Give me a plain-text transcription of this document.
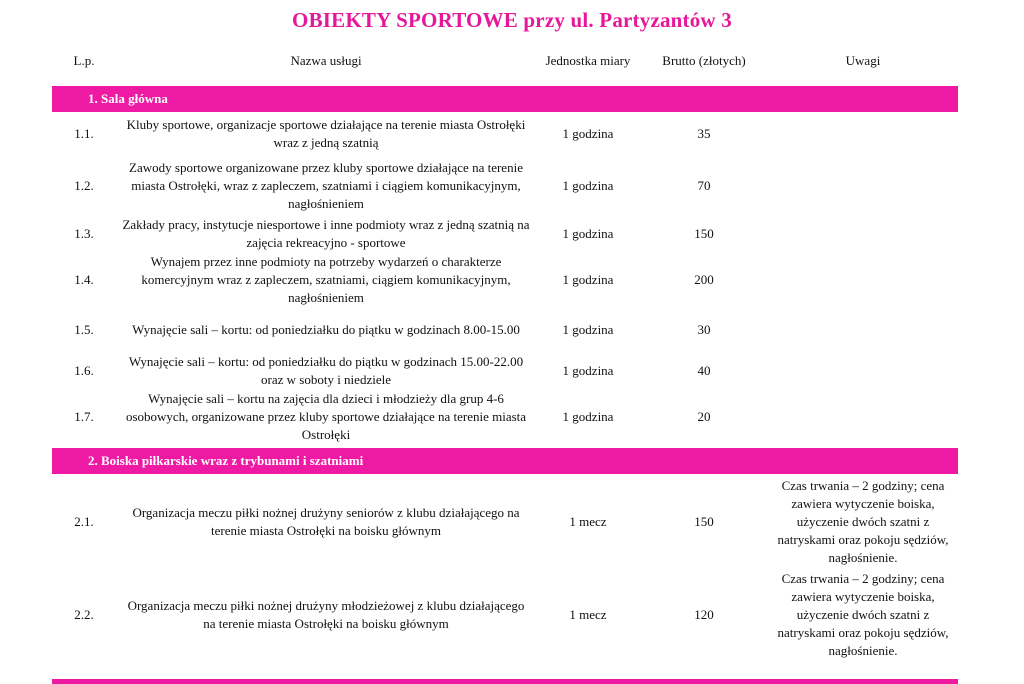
OBIEKTY SPORTOWE przy ul. Partyzantów 3
L.p.	Nazwa usługi	Jednostka miary	Brutto (złotych)	Uwagi

1. Sala główna				
1.1.	Kluby sportowe, organizacje sportowe działające na terenie miasta Ostrołęki wraz z jedną szatnią	1 godzina	35	
1.2.	Zawody sportowe organizowane przez kluby sportowe działające na terenie miasta Ostrołęki, wraz z zapleczem, szatniami i ciągiem komunikacyjnym, nagłośnieniem	1 godzina	70	
1.3.	Zakłady pracy, instytucje niesportowe i inne podmioty wraz z jedną szatnią na zajęcia rekreacyjno - sportowe	1 godzina	150	
1.4.	Wynajem przez inne podmioty na potrzeby wydarzeń o charakterze komercyjnym wraz z zapleczem, szatniami, ciągiem komunikacyjnym, nagłośnieniem	1 godzina	200	
1.5.	Wynajęcie sali – kortu: od poniedziałku do piątku w godzinach 8.00-15.00	1 godzina	30	
1.6.	Wynajęcie sali – kortu: od poniedziałku do piątku w godzinach 15.00-22.00 oraz w soboty i niedziele	1 godzina	40	
1.7.	Wynajęcie sali – kortu na zajęcia dla dzieci i młodzieży dla grup 4-6 osobowych, organizowane przez kluby sportowe działające na terenie miasta Ostrołęki	1 godzina	20	

2. Boiska piłkarskie wraz z trybunami i szatniami				
2.1.	Organizacja meczu piłki nożnej drużyny seniorów z klubu działającego na terenie miasta Ostrołęki na boisku głównym	1 mecz	150	Czas trwania – 2 godziny; cena zawiera wytyczenie boiska, użyczenie dwóch szatni z natryskami oraz pokoju sędziów, nagłośnienie.
2.2.	Organizacja meczu piłki nożnej drużyny młodzieżowej z klubu działającego na terenie miasta Ostrołęki na boisku głównym	1 mecz	120	Czas trwania – 2 godziny; cena zawiera wytyczenie boiska, użyczenie dwóch szatni z natryskami oraz pokoju sędziów, nagłośnienie.
